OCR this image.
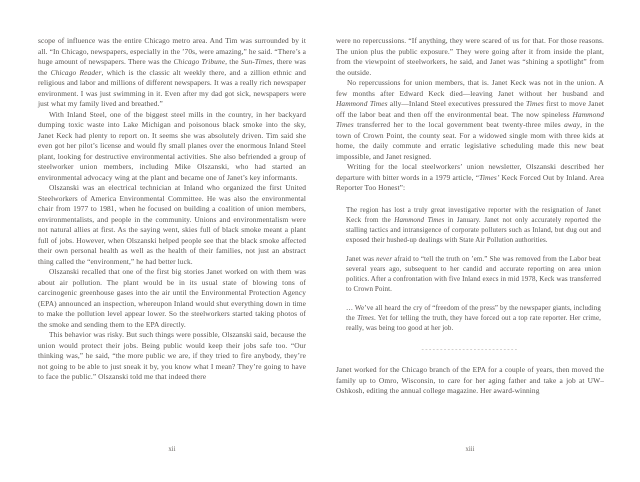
scope of influence was the entire Chicago metro area. And Tim was surrounded by it all. “In Chicago, newspapers, especially in the ’70s, were amazing,” he said. “There’s a huge amount of newspapers. There was the Chicago Tribune, the Sun-Times, there was the Chicago Reader, which is the classic alt weekly there, and a zillion ethnic and religious and labor and millions of different newspapers. It was a really rich newspaper environment. I was just swimming in it. Even after my dad got sick, newspapers were just what my family lived and breathed.”

With Inland Steel, one of the biggest steel mills in the country, in her backyard dumping toxic waste into Lake Michigan and poisonous black smoke into the sky, Janet Keck had plenty to report on. It seems she was absolutely driven. Tim said she even got her pilot’s license and would fly small planes over the enormous Inland Steel plant, looking for destructive environmental activities. She also befriended a group of steelworker union members, including Mike Olszanski, who had started an environmental advocacy wing at the plant and became one of Janet’s key informants.

Olszanski was an electrical technician at Inland who organized the first United Steelworkers of America Environmental Committee. He was also the environmental chair from 1977 to 1981, when he focused on building a coalition of union members, environmentalists, and people in the community. Unions and environmentalism were not natural allies at first. As the saying went, skies full of black smoke meant a plant full of jobs. However, when Olszanski helped people see that the black smoke affected their own personal health as well as the health of their families, not just an abstract thing called the “environment,” he had better luck.

Olszanski recalled that one of the first big stories Janet worked on with them was about air pollution. The plant would be in its usual state of blowing tons of carcinogenic greenhouse gases into the air until the Environmental Protection Agency (EPA) announced an inspection, whereupon Inland would shut everything down in time to make the pollution level appear lower. So the steelworkers started taking photos of the smoke and sending them to the EPA directly.

This behavior was risky. But such things were possible, Olszanski said, because the union would protect their jobs. Being public would keep their jobs safe too. “Our thinking was,” he said, “the more public we are, if they tried to fire anybody, they’re not going to be able to just sneak it by, you know what I mean? They’re going to have to face the public.” Olszanski told me that indeed there

were no repercussions. “If anything, they were scared of us for that. For those reasons. The union plus the public exposure.” They were going after it from inside the plant, from the viewpoint of steelworkers, he said, and Janet was “shining a spotlight” from the outside.

No repercussions for union members, that is. Janet Keck was not in the union. A few months after Edward Keck died—leaving Janet without her husband and Hammond Times ally—Inland Steel executives pressured the Times first to move Janet off the labor beat and then off the environmental beat. The now spineless Hammond Times transferred her to the local government beat twenty-three miles away, in the town of Crown Point, the county seat. For a widowed single mom with three kids at home, the daily commute and erratic legislative scheduling made this new beat impossible, and Janet resigned.

Writing for the local steelworkers’ union newsletter, Olszanski described her departure with bitter words in a 1979 article, “Times’ Keck Forced Out by Inland. Area Reporter Too Honest”:

The region has lost a truly great investigative reporter with the resignation of Janet Keck from the Hammond Times in January. Janet not only accurately reported the stalling tactics and intransigence of corporate polluters such as Inland, but dug out and exposed their hushed-up dealings with State Air Pollution authorities.

Janet was never afraid to “tell the truth on ’em.” She was removed from the Labor beat several years ago, subsequent to her candid and accurate reporting on area union politics. After a confrontation with five Inland execs in mid 1978, Keck was transferred to Crown Point.

… We’ve all heard the cry of “freedom of the press” by the newspaper giants, including the Times. Yet for telling the truth, they have forced out a top rate reporter. Her crime, really, was being too good at her job.

--------------------------

Janet worked for the Chicago branch of the EPA for a couple of years, then moved the family up to Omro, Wisconsin, to care for her aging father and take a job at UW–Oshkosh, editing the annual college magazine. Her award-winning

xii	xiii
